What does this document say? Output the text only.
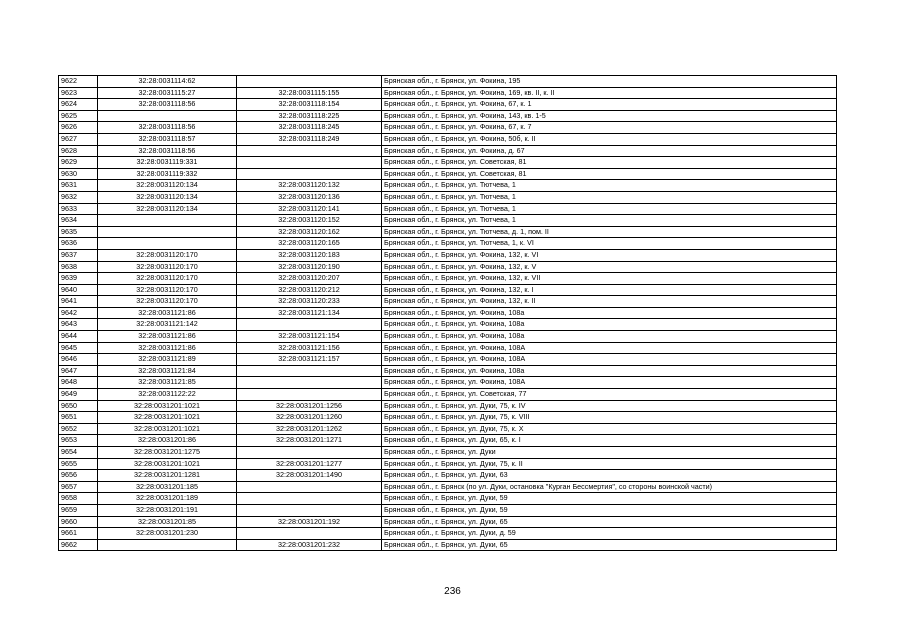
9622	32:28:0031114:62		Брянская обл., г. Брянск, ул. Фокина, 195
9623	32:28:0031115:27	32:28:0031115:155	Брянская обл., г. Брянск, ул. Фокина, 169, кв. II, к. II
9624	32:28:0031118:56	32:28:0031118:154	Брянская обл., г. Брянск, ул. Фокина, 67, к. 1
9625		32:28:0031118:225	Брянская обл., г. Брянск, ул. Фокина, 143, кв. 1-5
9626	32:28:0031118:56	32:28:0031118:245	Брянская обл., г. Брянск, ул. Фокина, 67, к. 7
9627	32:28:0031118:57	32:28:0031118:249	Брянская обл., г. Брянск, ул. Фокина, 50б, к. II
9628	32:28:0031118:56		Брянская обл., г. Брянск, ул. Фокина, д. 67
9629	32:28:0031119:331		Брянская обл., г. Брянск, ул. Советская, 81
9630	32:28:0031119:332		Брянская обл., г. Брянск, ул. Советская, 81
9631	32:28:0031120:134	32:28:0031120:132	Брянская обл., г. Брянск, ул. Тютчева, 1
9632	32:28:0031120:134	32:28:0031120:136	Брянская обл., г. Брянск, ул. Тютчева, 1
9633	32:28:0031120:134	32:28:0031120:141	Брянская обл., г. Брянск, ул. Тютчева, 1
9634		32:28:0031120:152	Брянская обл., г. Брянск, ул. Тютчева, 1
9635		32:28:0031120:162	Брянская обл., г. Брянск, ул. Тютчева, д. 1, пом. II
9636		32:28:0031120:165	Брянская обл., г. Брянск, ул. Тютчева, 1, к. VI
9637	32:28:0031120:170	32:28:0031120:183	Брянская обл., г. Брянск, ул. Фокина, 132, к. VI
9638	32:28:0031120:170	32:28:0031120:190	Брянская обл., г. Брянск, ул. Фокина, 132, к. V
9639	32:28:0031120:170	32:28:0031120:207	Брянская обл., г. Брянск, ул. Фокина, 132, к. VII
9640	32:28:0031120:170	32:28:0031120:212	Брянская обл., г. Брянск, ул. Фокина, 132, к. I
9641	32:28:0031120:170	32:28:0031120:233	Брянская обл., г. Брянск, ул. Фокина, 132, к. II
9642	32:28:0031121:86	32:28:0031121:134	Брянская обл., г. Брянск, ул. Фокина, 108а
9643	32:28:0031121:142		Брянская обл., г. Брянск, ул. Фокина, 108а
9644	32:28:0031121:86	32:28:0031121:154	Брянская обл., г. Брянск, ул. Фокина, 108а
9645	32:28:0031121:86	32:28:0031121:156	Брянская обл., г. Брянск, ул. Фокина, 108А
9646	32:28:0031121:89	32:28:0031121:157	Брянская обл., г. Брянск, ул. Фокина, 108А
9647	32:28:0031121:84		Брянская обл., г. Брянск, ул. Фокина, 108а
9648	32:28:0031121:85		Брянская обл., г. Брянск, ул. Фокина, 108А
9649	32:28:0031122:22		Брянская обл., г. Брянск, ул. Советская, 77
9650	32:28:0031201:1021	32:28:0031201:1256	Брянская обл., г. Брянск, ул. Дуки, 75, к. IV
9651	32:28:0031201:1021	32:28:0031201:1260	Брянская обл., г. Брянск, ул. Дуки, 75, к. VIII
9652	32:28:0031201:1021	32:28:0031201:1262	Брянская обл., г. Брянск, ул. Дуки, 75, к. Х
9653	32:28:0031201:86	32:28:0031201:1271	Брянская обл., г. Брянск, ул. Дуки, 65, к. I
9654	32:28:0031201:1275		Брянская обл., г. Брянск, ул. Дуки
9655	32:28:0031201:1021	32:28:0031201:1277	Брянская обл., г. Брянск, ул. Дуки, 75, к. II
9656	32:28:0031201:1281	32:28:0031201:1490	Брянская обл., г. Брянск, ул. Дуки, 63
9657	32:28:0031201:185		Брянская обл., г. Брянск (по ул. Дуки, остановка "Курган Бессмертия", со стороны воинской части)
9658	32:28:0031201:189		Брянская обл., г. Брянск, ул. Дуки, 59
9659	32:28:0031201:191		Брянская обл., г. Брянск, ул. Дуки, 59
9660	32:28:0031201:85	32:28:0031201:192	Брянская обл., г. Брянск, ул. Дуки, 65
9661	32:28:0031201:230		Брянская обл., г. Брянск, ул. Дуки, д. 59
9662		32:28:0031201:232	Брянская обл., г. Брянск, ул. Дуки, 65
236
